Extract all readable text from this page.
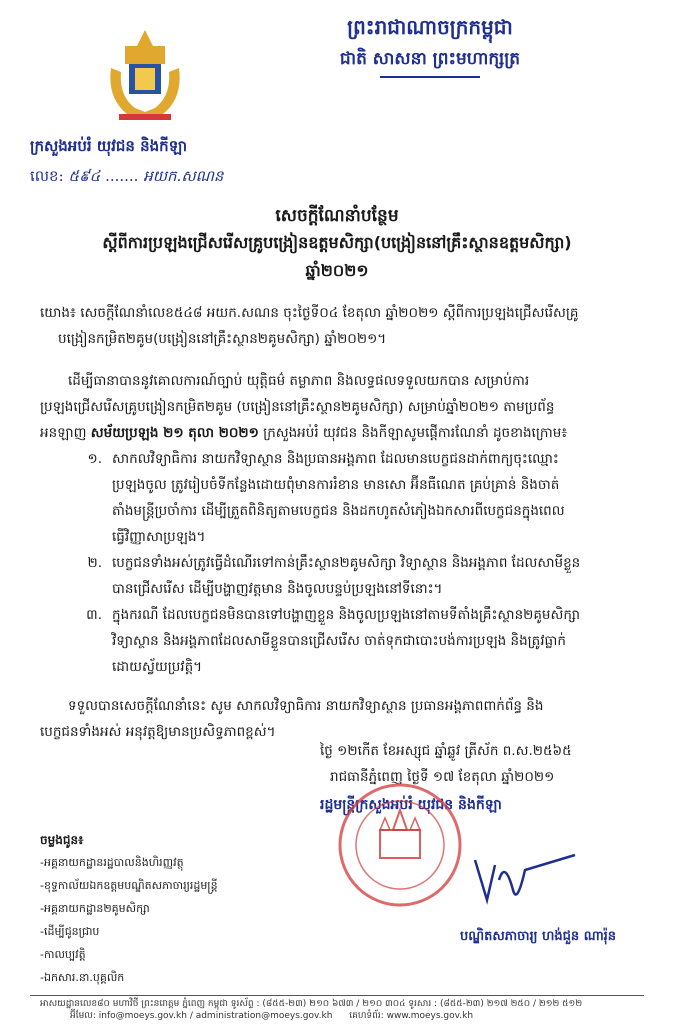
ព្រះរាជាណាចក្រកម្ពុជា
ជាតិ សាសនា ព្រះមហាក្សត្រ
ក្រសួងអប់រំ យុវជន និងកីឡា
លេខ: ៥៩៤ ....... អយក.សណន
សេចក្តីណែនាំបន្ថែម
ស្តីពីការប្រឡងជ្រើសរើសគ្រូបង្រៀនឧត្តមសិក្សា(បង្រៀននៅគ្រឹះស្ថានឧត្តមសិក្សា)
ឆ្នាំ២០២១
យោង៖ សេចក្តីណែនាំលេខ៥៤៨ អយក.សណន ចុះថ្ងៃទី០៤ ខែតុលា ឆ្នាំ២០២១ ស្តីពីការប្រឡងជ្រើសរើសគ្រូ
បង្រៀនកម្រិត២គូម(បង្រៀននៅគ្រឹះស្ថាន២គូមសិក្សា) ឆ្នាំ២០២១។
ដើម្បីធានាបាននូវគោលការណ៍ច្បាប់ យុត្តិធម៌ តម្លាភាព និងលទ្ធផលទទួលយកបាន សម្រាប់ការ
ប្រឡងជ្រើសរើសគ្រូបង្រៀនកម្រិត២គូម (បង្រៀននៅគ្រឹះស្ថាន២គូមសិក្សា) សម្រាប់ឆ្នាំ២០២១ តាមប្រព័ន្ធ
អនឡាញ សម័យប្រឡង ២១ តុលា ២០២១ ក្រសួងអប់រំ យុវជន និងកីឡាសូមផ្តើការណែនាំ ដូចខាងក្រោម៖
១. សាកលវិទ្យាធិការ នាយកវិទ្យាស្ថាន និងប្រធានអង្គភាព ដែលមានបេក្ខជនដាក់ពាក្យចុះឈ្មោះ
ប្រឡងចូល ត្រូវរៀបចំទីកន្លែងដោយពុំមានការរំខាន មានសោ អ៊ីនធឺណេត គ្រប់គ្រាន់ និងចាត់
តាំងមន្ត្រីប្រចាំការ ដើម្បីត្រួតពិនិត្យតាមបេក្ខជន និងដកហូតសំភៀងឯកសារពីបេក្ខជនក្នុងពេល
ធ្វើវិញ្ញាសាប្រឡង។
២. បេក្ខជនទាំងអស់ត្រូវធ្វើដំណើរទៅកាន់គ្រឹះស្ថាន២គូមសិក្សា វិទ្យាស្ថាន និងអង្គភាព ដែលសាមីខ្លួន
បានជ្រើសរើស ដើម្បីបង្ហាញវត្តមាន និងចូលបន្ទប់ប្រឡងនៅទីនោះ។
៣. ក្នុងករណី ដែលបេក្ខជនមិនបានទៅបង្ហាញខ្លួន និងចូលប្រឡងនៅតាមទីតាំងគ្រឹះស្ថាន២គូមសិក្សា
វិទ្យាស្ថាន និងអង្គភាពដែលសាមីខ្លួនបានជ្រើសរើស ចាត់ទុកជាបោះបង់ការប្រឡង និងត្រូវធ្លាក់
ដោយស្វ័យប្រវត្តិ។
ទទួលបានសេចក្តីណែនាំនេះ សូម សាកលវិទ្យាធិការ នាយកវិទ្យាស្ថាន ប្រធានអង្គភាពពាក់ព័ន្ធ និង
បេក្ខជនទាំងអស់ អនុវត្តឱ្យមានប្រសិទ្ធភាពខ្ពស់។
ថ្ងៃ ១២កើត ខែអស្សុជ ឆ្នាំឆ្លូវ ត្រីស័ក ព.ស.២៥៦៥
រាជធានីភ្នំពេញ ថ្ងៃទី ១៧ ខែតុលា ឆ្នាំ២០២១
រដ្ឋមន្ត្រីក្រសួងអប់រំ យុវជន និងកីឡា
បណ្ឌិតសភាចារ្យ ហង់ជួន ណារ៉ុន
ចម្លងជូន៖
-អគ្គនាយកដ្ឋានរដ្ឋបាលនិងហិរញ្ញវត្ថុ
-ខុទ្ទកាល័យឯកឧត្តមបណ្ឌិតសភាចារ្យរដ្ឋមន្ត្រី
-អគ្គនាយកដ្ឋាន២គូមសិក្សា
-ដើម្បីជូនជ្រាប
-កាលប្បវត្តិ
-ឯកសារ.នា.បុគ្គលិក
អាសយដ្ឋានលេខ៨០ មហាវិថី ព្រះនរោត្តម ភ្នំពេញ កម្ពុជា ទូរស័ព្ទ : (៨៥៥-២៣) ២១០ ៦៧៣ / ២១០ ៣០៤ ទូរសារ : (៨៥៥-២៣) ២១៧ ២៥០ / ២១២ ៥១២
អ៊ីមែល: info@moeys.gov.kh / administration@moeys.gov.kh គេហទំព័រ: www.moeys.gov.kh
